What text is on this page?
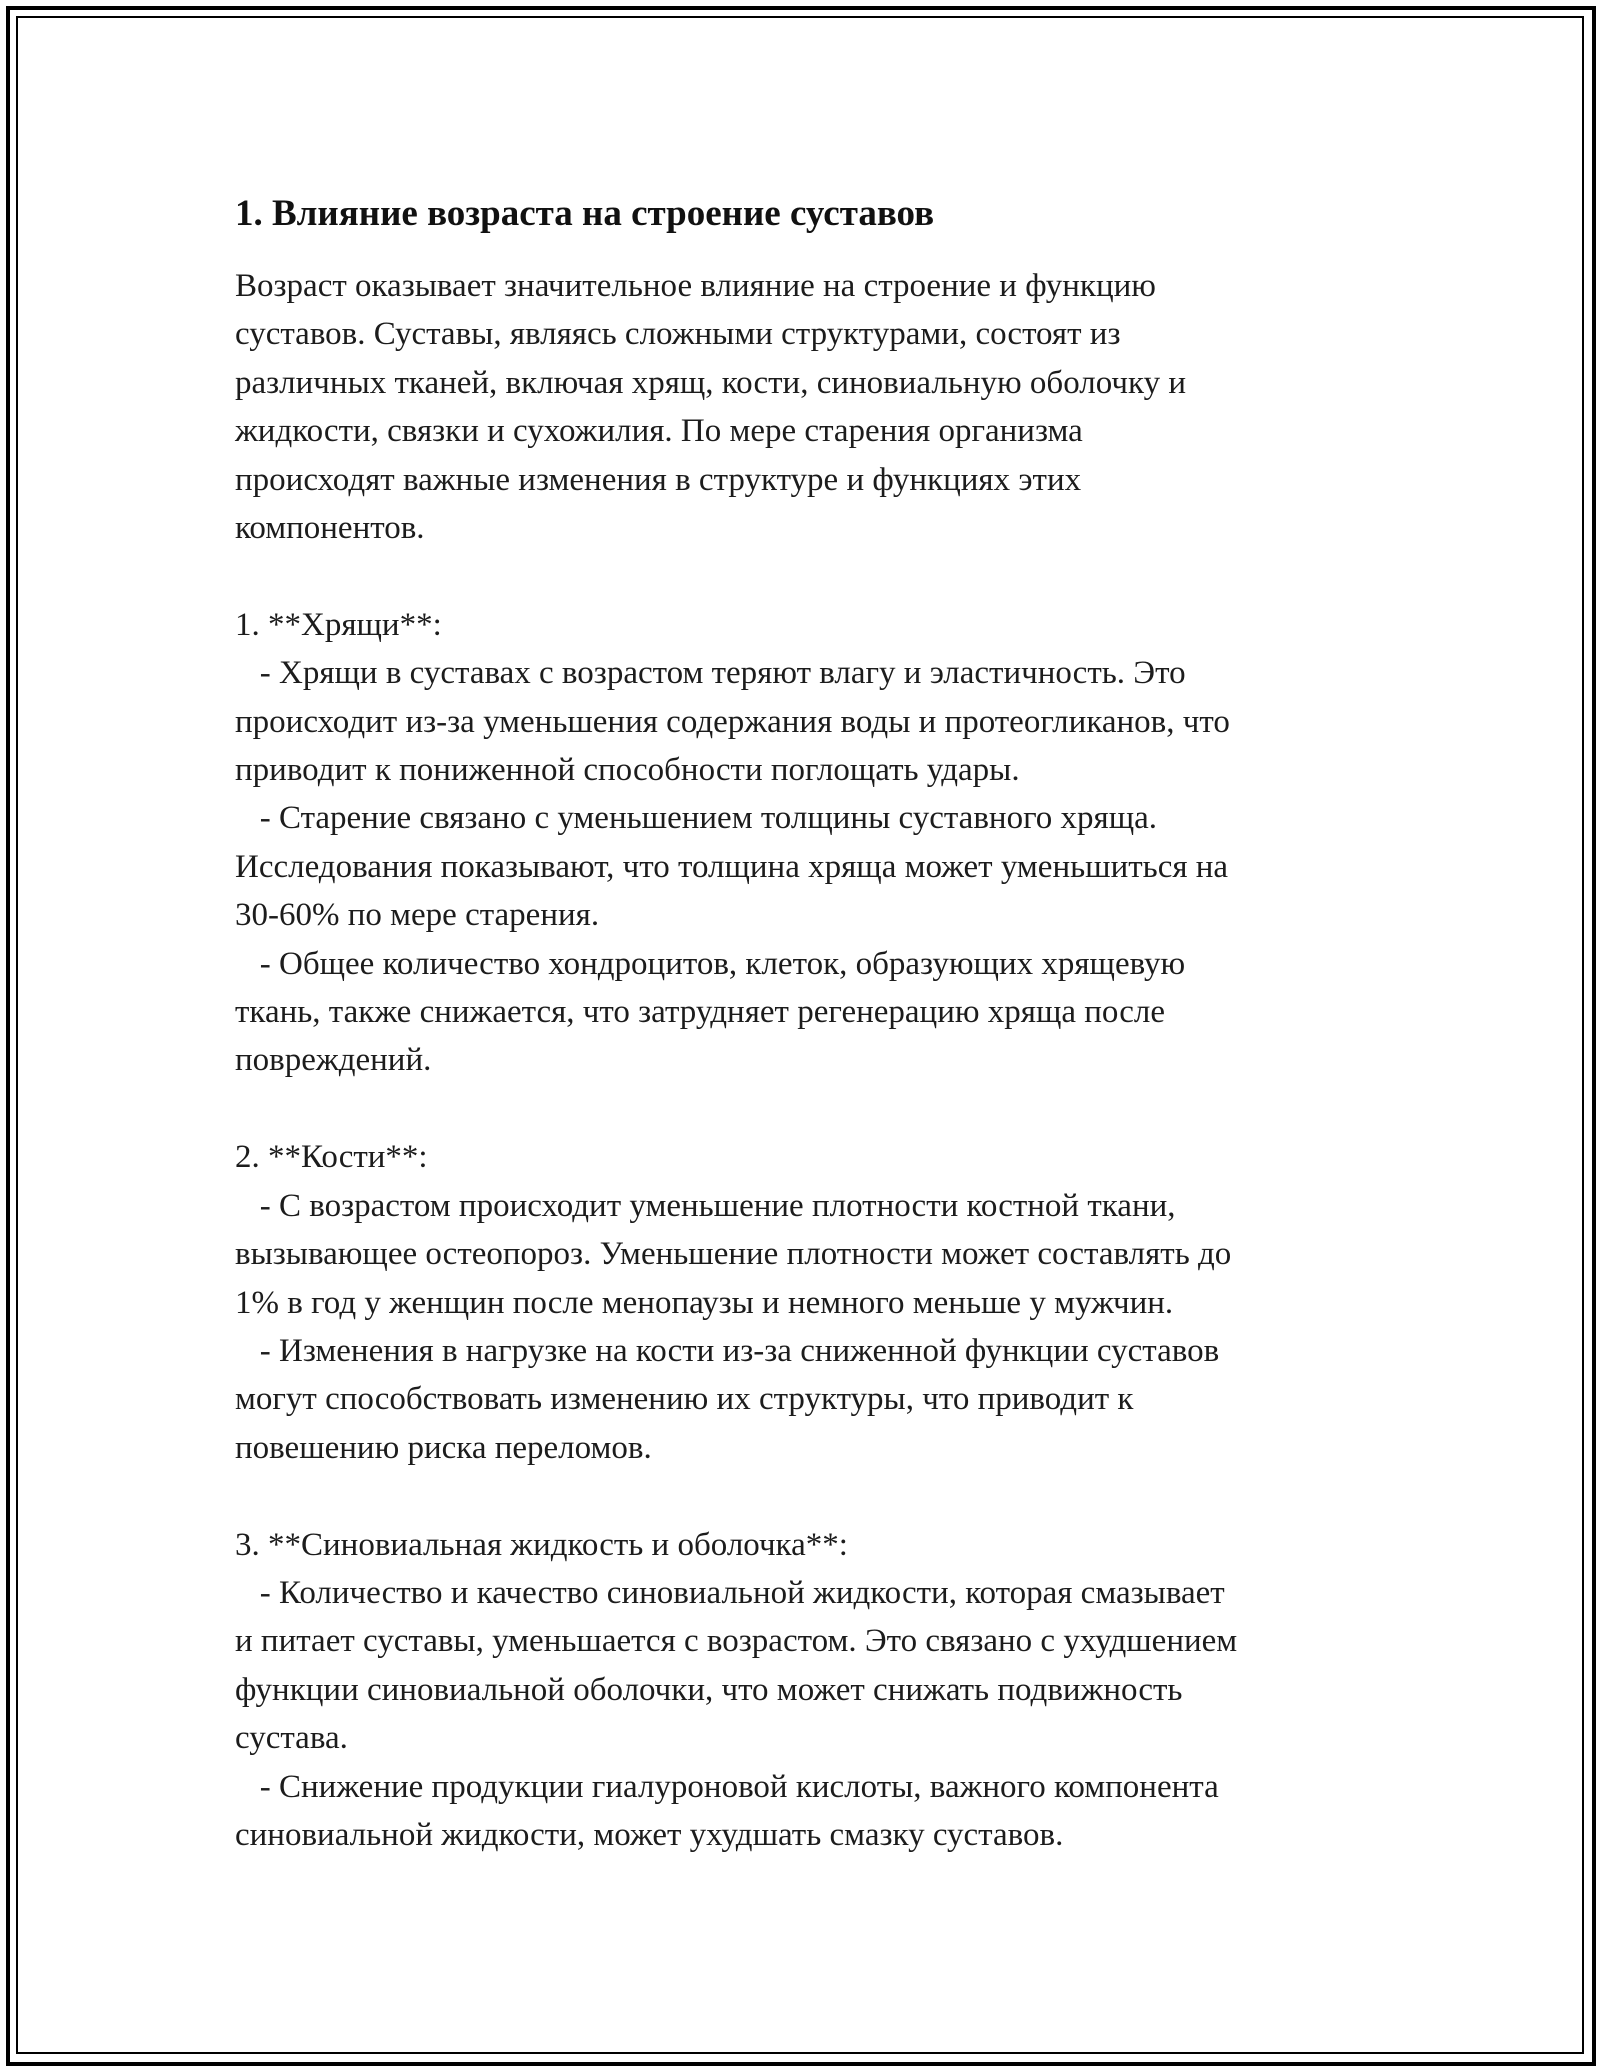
1. Влияние возраста на строение суставов

Возраст оказывает значительное влияние на строение и функцию
суставов. Суставы, являясь сложными структурами, состоят из
различных тканей, включая хрящ, кости, синовиальную оболочку и
жидкости, связки и сухожилия. По мере старения организма
происходят важные изменения в структуре и функциях этих
компонентов.

1. **Хрящи**:

- Хрящи в суставах с возрастом теряют влагу и эластичность. Это
происходит из-за уменьшения содержания воды и протеогликанов, что
приводит к пониженной способности поглощать удары.

- Старение связано с уменьшением толщины суставного хряща.
Исследования показывают, что толщина хряща может уменьшиться на
30-60% по мере старения.

- Общее количество хондроцитов, клеток, образующих хрящевую
ткань, также снижается, что затрудняет регенерацию хряща после
повреждений.

2. **Кости**:

- С возрастом происходит уменьшение плотности костной ткани,
вызывающее остеопороз. Уменьшение плотности может составлять до
1% в год у женщин после менопаузы и немного меньше у мужчин.

- Изменения в нагрузке на кости из-за сниженной функции суставов
могут способствовать изменению их структуры, что приводит к
повешению риска переломов.

3. **Синовиальная жидкость и оболочка**:

- Количество и качество синовиальной жидкости, которая смазывает
и питает суставы, уменьшается с возрастом. Это связано с ухудшением
функции синовиальной оболочки, что может снижать подвижность
сустава.

- Снижение продукции гиалуроновой кислоты, важного компонента
синовиальной жидкости, может ухудшать смазку суставов.
